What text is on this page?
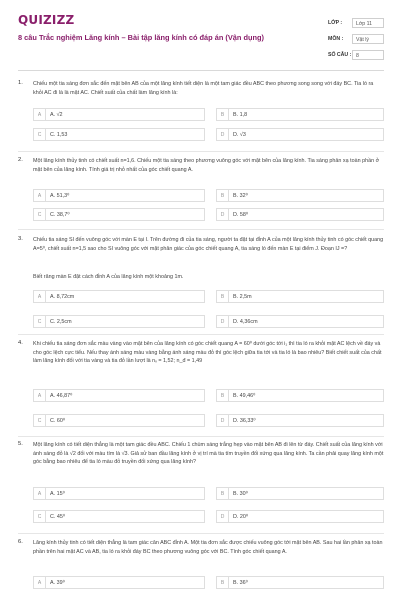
QUIZIZZ
8 câu Trắc nghiệm Lăng kính – Bài tập lăng kính có đáp án (Vận dụng)
LỚP :	Lớp 11
MÔN :	Vật lý
SỐ CÂU : 8
1. Chiếu một tia sáng đơn sắc đến mặt bên AB của một lăng kính tiết diện là một tam giác đều ABC theo phương song song với đáy BC. Tia ló ra khỏi AC đi là là mặt AC. Chiết suất của chất làm lăng kính là:
A	A. √2	B	B. 1,8
C	C. 1,53	D	D. √3
2. Một lăng kính thủy tinh có chiết suất n=1,6. Chiếu một tia sáng theo phương vuông góc với mặt bên của lăng kính. Tia sáng phản xạ toàn phần ở mặt bên của lăng kính. Tính giá trị nhỏ nhất của góc chiết quang A.
A	A. 51,3⁰	B	B. 32⁰
C	C. 38,7⁰	D	D. 58⁰
3. Chiếu tia sáng SI đến vuông góc với màn E tại I. Trên đường đi của tia sáng, người ta đặt tại đỉnh A của một lăng kính thủy tinh có góc chiết quang A=5⁰, chiết suất n=1,5 sao cho SI vuông góc với mặt phân giác của góc chiết quang A, tia sáng ló đến màn E tại điểm J. Đoạn IJ =?
Biết răng màn E đặt cách đỉnh A của lăng kính một khoảng 1m.
A	A. 8,72cm	B	B. 2,5m
C	C. 2,5cm	D	D. 4,36cm
4. Khi chiếu tia sáng đơn sắc màu vàng vào mặt bên của lăng kính có góc chiết quang A = 60⁰ dưới góc tới i₁ thì tia ló ra khỏi mặt AC lệch về đáy và cho góc lệch cực tiểu. Nếu thay ánh sáng màu vàng bằng ánh sáng màu đỏ thì góc lệch giữa tia tới và tia ló là bao nhiêu? Biết chiết suất của chất làm lăng kính đối với tia vàng và tia đỏ lần lượt là nᵥ = 1,52; n_đ = 1,49
A	A. 46,87⁰	B	B. 49,46⁰
C	C. 60⁰	D	D. 36,33⁰
5. Một lăng kính có tiết diện thẳng là một tam giác đều ABC. Chiếu 1 chùm sáng trắng hẹp vào mặt bên AB đi lên từ đáy. Chiết suất của lăng kính với ánh sáng đỏ là √2 đối với màu tím là √3. Giả sử ban đầu lăng kính ở vị trí mà tia tím truyền đối xứng qua lăng kính. Ta cần phải quay lăng kính một góc bằng bao nhiêu để tia ló màu đỏ truyền đối xứng qua lăng kính?
A	A. 15⁰	B	B. 30⁰
C	C. 45⁰	D	D. 20⁰
6. Lăng kính thủy tinh có tiết diện thẳng là tam giác cân ABC đỉnh A. Một tia đơn sắc được chiếu vuông góc tới mặt bên AB. Sau hai lần phản xạ toàn phần trên hai mặt AC và AB, tia ló ra khỏi đáy BC theo phương vuông góc với BC. Tính góc chiết quang A.
A	A. 39⁰	B	B. 36⁰
